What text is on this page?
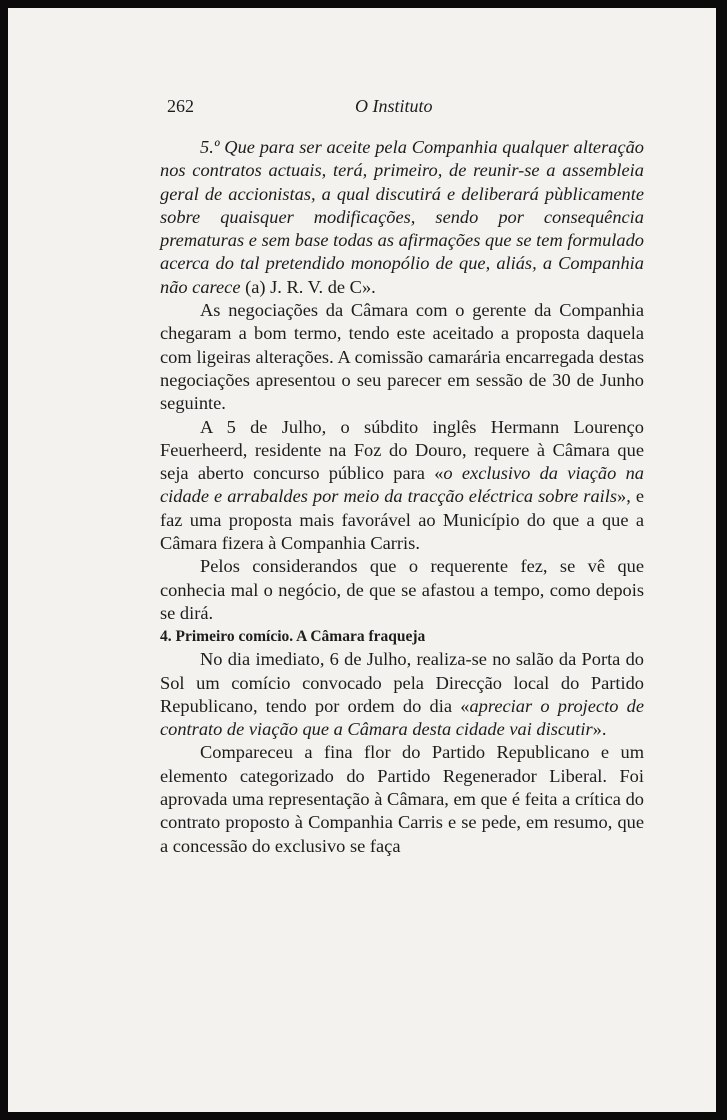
262	O Instituto

5.º Que para ser aceite pela Companhia qualquer alteração nos contratos actuais, terá, primeiro, de reunir-se a assembleia geral de accionistas, a qual discutirá e deliberará pùblicamente sobre quaisquer modificações, sendo por consequência prematuras e sem base todas as afirmações que se tem formulado acerca do tal pretendido monopólio de que, aliás, a Companhia não carece (a) J. R. V. de C».

As negociações da Câmara com o gerente da Companhia chegaram a bom termo, tendo este aceitado a proposta daquela com ligeiras alterações. A comissão camarária encarregada destas negociações apresentou o seu parecer em sessão de 30 de Junho seguinte.

A 5 de Julho, o súbdito inglês Hermann Lourenço Feuerheerd, residente na Foz do Douro, requere à Câmara que seja aberto concurso público para «o exclusivo da viação na cidade e arrabaldes por meio da tracção eléctrica sobre rails», e faz uma proposta mais favorável ao Município do que a que a Câmara fizera à Companhia Carris.

Pelos considerandos que o requerente fez, se vê que conhecia mal o negócio, de que se afastou a tempo, como depois se dirá.

4. Primeiro comício. A Câmara fraqueja

No dia imediato, 6 de Julho, realiza-se no salão da Porta do Sol um comício convocado pela Direcção local do Partido Republicano, tendo por ordem do dia «apreciar o projecto de contrato de viação que a Câmara desta cidade vai discutir».

Compareceu a fina flor do Partido Republicano e um elemento categorizado do Partido Regenerador Liberal. Foi aprovada uma representação à Câmara, em que é feita a crítica do contrato proposto à Companhia Carris e se pede, em resumo, que a concessão do exclusivo se faça
